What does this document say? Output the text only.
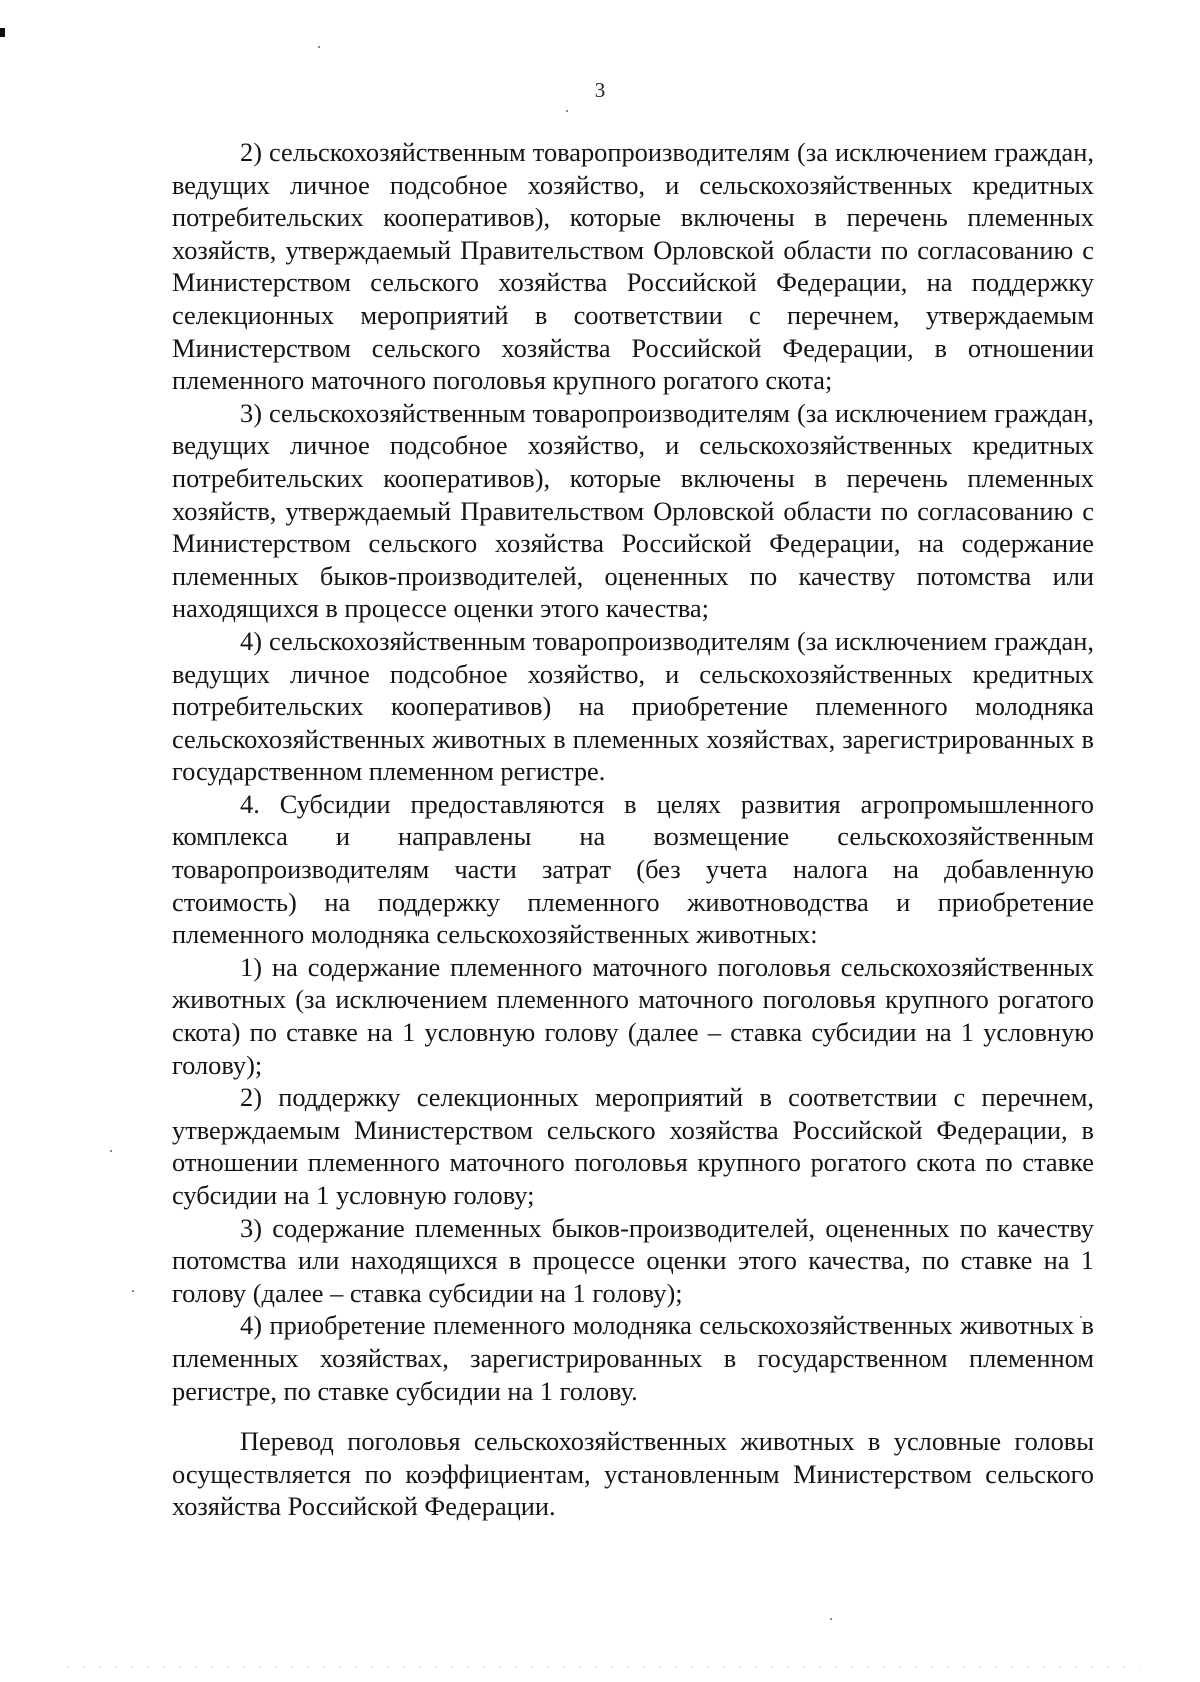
3

2) сельскохозяйственным товаропроизводителям (за исключением граждан, ведущих личное подсобное хозяйство, и сельскохозяйственных кредитных потребительских кооперативов), которые включены в перечень племенных хозяйств, утверждаемый Правительством Орловской области по согласованию с Министерством сельского хозяйства Российской Федерации, на поддержку селекционных мероприятий в соответствии с перечнем, утверждаемым Министерством сельского хозяйства Российской Федерации, в отношении племенного маточного поголовья крупного рогатого скота;

3) сельскохозяйственным товаропроизводителям (за исключением граждан, ведущих личное подсобное хозяйство, и сельскохозяйственных кредитных потребительских кооперативов), которые включены в перечень племенных хозяйств, утверждаемый Правительством Орловской области по согласованию с Министерством сельского хозяйства Российской Федерации, на содержание племенных быков-производителей, оцененных по качеству потомства или находящихся в процессе оценки этого качества;

4) сельскохозяйственным товаропроизводителям (за исключением граждан, ведущих личное подсобное хозяйство, и сельскохозяйственных кредитных потребительских кооперативов) на приобретение племенного молодняка сельскохозяйственных животных в племенных хозяйствах, зарегистрированных в государственном племенном регистре.

4. Субсидии предоставляются в целях развития агропромышленного комплекса и направлены на возмещение сельскохозяйственным товаропроизводителям части затрат (без учета налога на добавленную стоимость) на поддержку племенного животноводства и приобретение племенного молодняка сельскохозяйственных животных:

1) на содержание племенного маточного поголовья сельскохозяйственных животных (за исключением племенного маточного поголовья крупного рогатого скота) по ставке на 1 условную голову (далее – ставка субсидии на 1 условную голову);

2) поддержку селекционных мероприятий в соответствии с перечнем, утверждаемым Министерством сельского хозяйства Российской Федерации, в отношении племенного маточного поголовья крупного рогатого скота по ставке субсидии на 1 условную голову;

3) содержание племенных быков-производителей, оцененных по качеству потомства или находящихся в процессе оценки этого качества, по ставке на 1 голову (далее – ставка субсидии на 1 голову);

4) приобретение племенного молодняка сельскохозяйственных животных в племенных хозяйствах, зарегистрированных в государственном племенном регистре, по ставке субсидии на 1 голову.

Перевод поголовья сельскохозяйственных животных в условные головы осуществляется по коэффициентам, установленным Министерством сельского хозяйства Российской Федерации.
